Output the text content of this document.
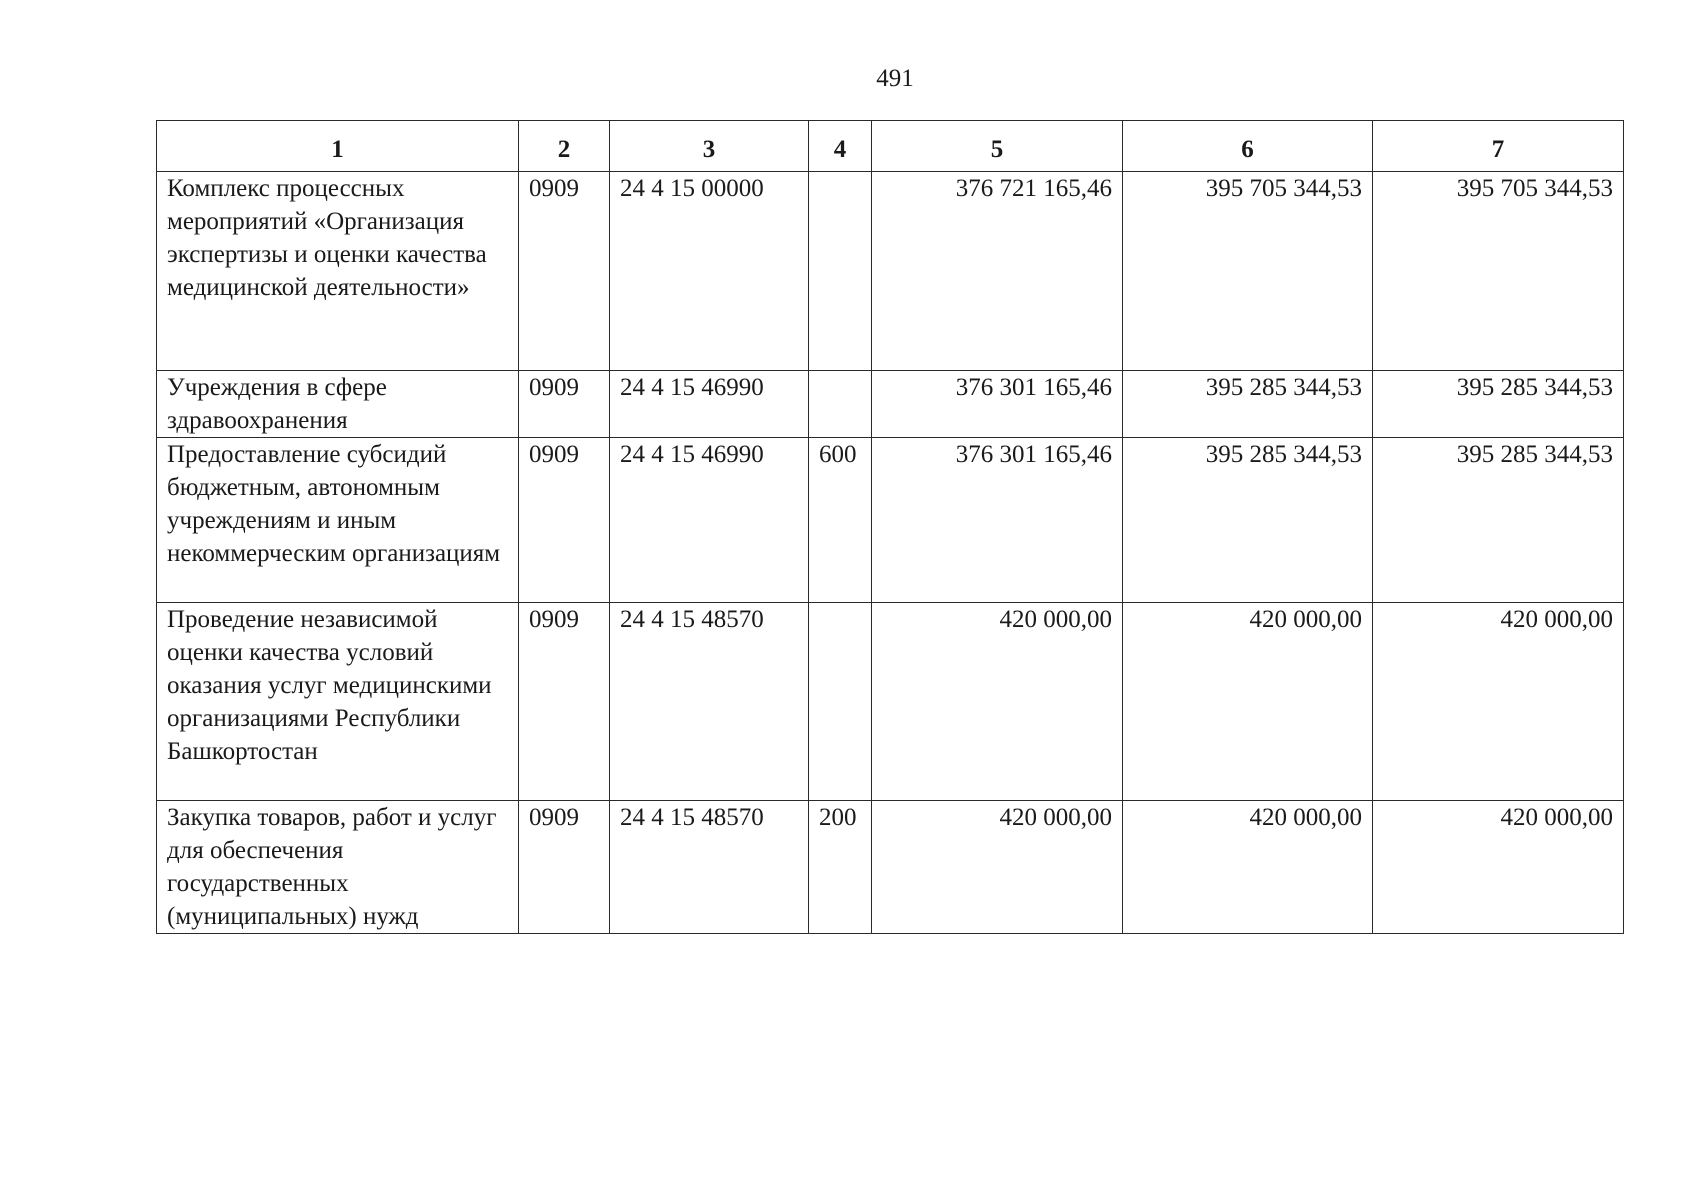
491
1	2	3	4	5	6	7
Комплекс процессных мероприятий «Организация экспертизы и оценки качества медицинской деятельности»	0909	24 4 15 00000		376 721 165,46	395 705 344,53	395 705 344,53
Учреждения в сфере здравоохранения	0909	24 4 15 46990		376 301 165,46	395 285 344,53	395 285 344,53
Предоставление субсидий бюджетным, автономным учреждениям и иным некоммерческим организациям	0909	24 4 15 46990	600	376 301 165,46	395 285 344,53	395 285 344,53
Проведение независимой оценки качества условий оказания услуг медицинскими организациями Республики Башкортостан	0909	24 4 15 48570		420 000,00	420 000,00	420 000,00
Закупка товаров, работ и услуг для обеспечения государственных (муниципальных) нужд	0909	24 4 15 48570	200	420 000,00	420 000,00	420 000,00
